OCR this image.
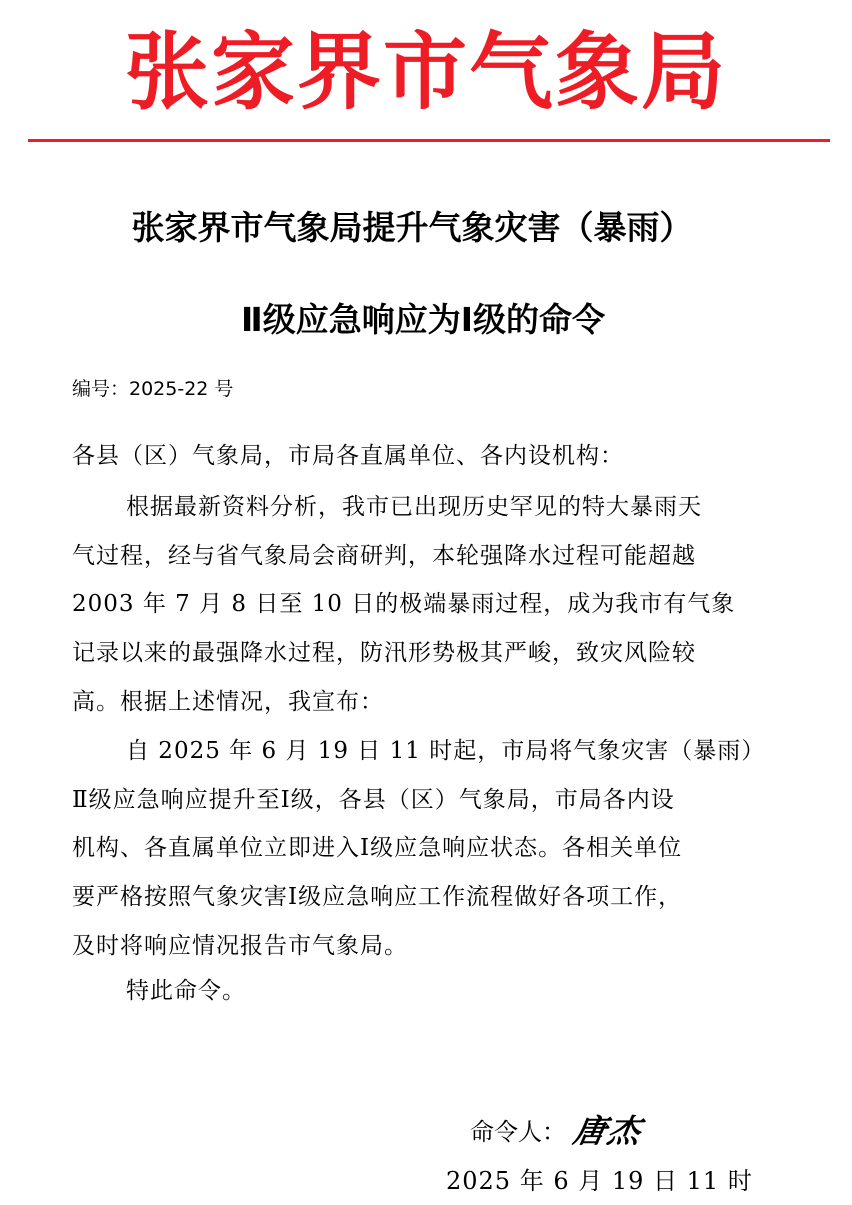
张家界市气象局
张家界市气象局提升气象灾害（暴雨）
Ⅱ级应急响应为Ⅰ级的命令
编号：2025-22 号
各县（区）气象局，市局各直属单位、各内设机构：
根据最新资料分析，我市已出现历史罕见的特大暴雨天
气过程，经与省气象局会商研判，本轮强降水过程可能超越
2003 年 7 月 8 日至 10 日的极端暴雨过程，成为我市有气象
记录以来的最强降水过程，防汛形势极其严峻，致灾风险较
高。根据上述情况，我宣布：
自 2025 年 6 月 19 日 11 时起，市局将气象灾害（暴雨）
Ⅱ级应急响应提升至Ⅰ级，各县（区）气象局，市局各内设
机构、各直属单位立即进入Ⅰ级应急响应状态。各相关单位
要严格按照气象灾害Ⅰ级应急响应工作流程做好各项工作，
及时将响应情况报告市气象局。
特此命令。
命令人： 唐杰
2025 年 6 月 19 日 11 时
